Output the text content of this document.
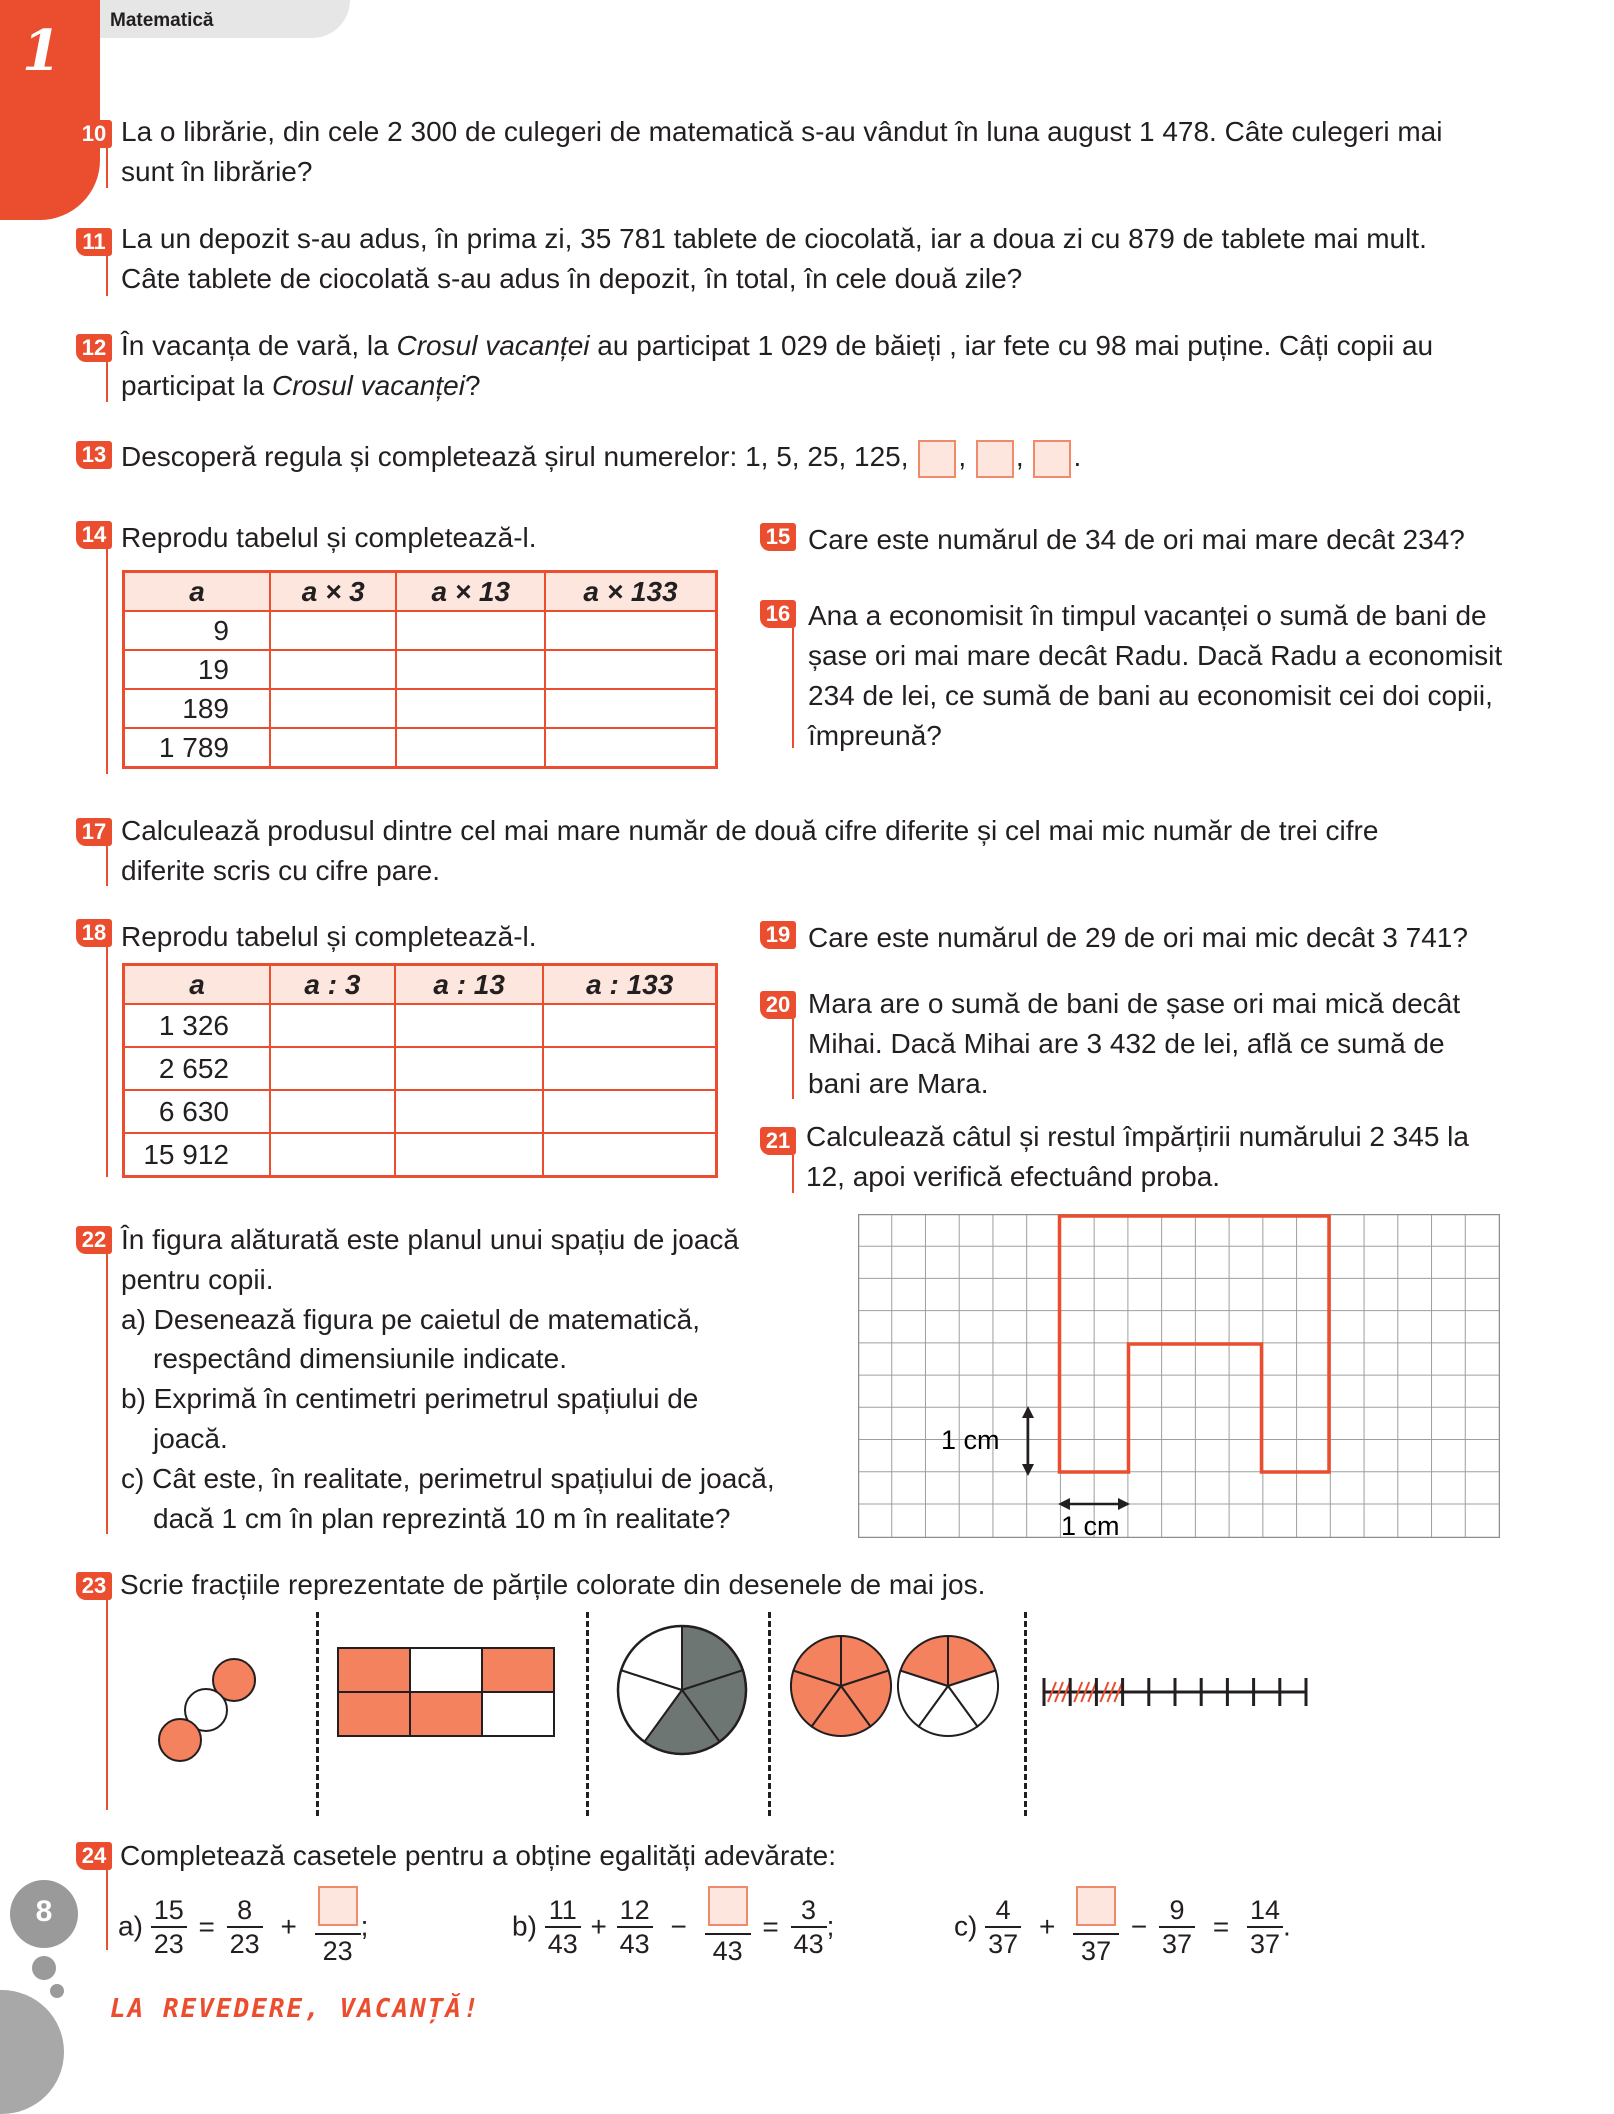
1	Matematică
10 La o librărie, din cele 2 300 de culegeri de matematică s-au vândut în luna august 1 478. Câte culegeri mai
sunt în librărie?
11 La un depozit s-au adus, în prima zi, 35 781 tablete de ciocolată, iar a doua zi cu 879 de tablete mai mult.
Câte tablete de ciocolată s-au adus în depozit, în total, în cele două zile?
12 În vacanța de vară, la Crosul vacanței au participat 1 029 de băieți , iar fete cu 98 mai puține. Câți copii au
participat la Crosul vacanței?
13 Descoperă regula și completează șirul numerelor: 1, 5, 25, 125, , , .
14 Reprodu tabelul și completează-l.
a	a × 3	a × 13	a × 133
9			
19			
189			
1 789			
15 Care este numărul de 34 de ori mai mare decât 234?
16 Ana a economisit în timpul vacanței o sumă de bani de
șase ori mai mare decât Radu. Dacă Radu a economisit
234 de lei, ce sumă de bani au economisit cei doi copii,
împreună?
17 Calculează produsul dintre cel mai mare număr de două cifre diferite și cel mai mic număr de trei cifre
diferite scris cu cifre pare.
18 Reprodu tabelul și completează-l.
a	a : 3	a : 13	a : 133
1 326			
2 652			
6 630			
15 912			
19 Care este numărul de 29 de ori mai mic decât 3 741?
20 Mara are o sumă de bani de șase ori mai mică decât
Mihai. Dacă Mihai are 3 432 de lei, află ce sumă de
bani are Mara.
21 Calculează câtul și restul împărțirii numărului 2 345 la
12, apoi verifică efectuând proba.
22 În figura alăturată este planul unui spațiu de joacă
pentru copii.
a) Desenează figura pe caietul de matematică,
respectând dimensiunile indicate.
b) Exprimă în centimetri perimetrul spațiului de
joacă.
c) Cât este, în realitate, perimetrul spațiului de joacă,
dacă 1 cm în plan reprezintă 10 m în realitate?
1 cm
1 cm
23 Scrie fracțiile reprezentate de părțile colorate din desenele de mai jos.
24 Completează casetele pentru a obține egalități adevărate:
$a) \frac{15}{23} = \frac{8}{23}$ +
23
;	$b) \frac{11}{43} + \frac{12}{43}$ −
43
= $\frac{3}{43}$ ;	$c) \frac{4}{37}$ +
37
− $\frac{9}{37} = \frac{14}{37}$ .
8
LA REVEDERE, VACANȚĂ!
